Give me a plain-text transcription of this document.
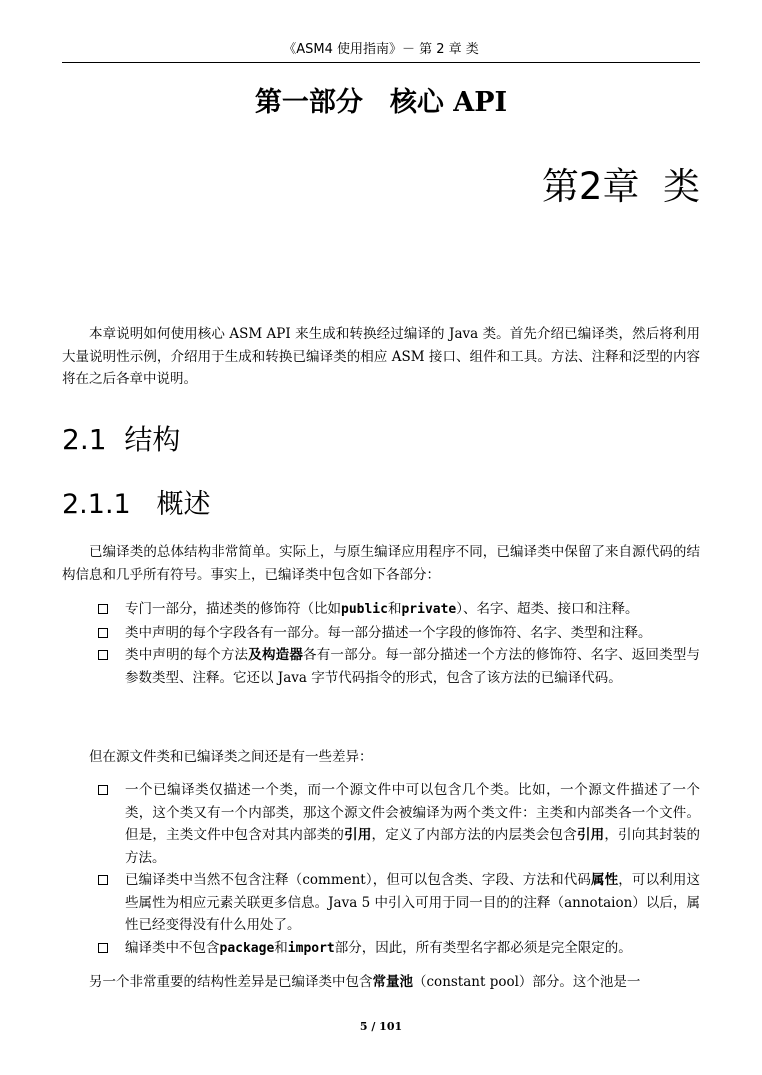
《ASM4 使用指南》－ 第 2 章 类
第一部分　核心 API
第2章  类

本章说明如何使用核心 ASM API 来生成和转换经过编译的 Java 类。首先介绍已编译类，然后将利用大量说明性示例，介绍用于生成和转换已编译类的相应 ASM 接口、组件和工具。方法、注释和泛型的内容将在之后各章中说明。

2.1  结构
2.1.1   概述

已编译类的总体结构非常简单。实际上，与原生编译应用程序不同，已编译类中保留了来自源代码的结构信息和几乎所有符号。事实上，已编译类中包含如下各部分：

专门一部分，描述类的修饰符（比如public和private）、名字、超类、接口和注释。
类中声明的每个字段各有一部分。每一部分描述一个字段的修饰符、名字、类型和注释。
类中声明的每个方法及构造器各有一部分。每一部分描述一个方法的修饰符、名字、返回类型与参数类型、注释。它还以 Java 字节代码指令的形式，包含了该方法的已编译代码。

但在源文件类和已编译类之间还是有一些差异：

一个已编译类仅描述一个类，而一个源文件中可以包含几个类。比如，一个源文件描述了一个类，这个类又有一个内部类，那这个源文件会被编译为两个类文件：主类和内部类各一个文件。但是，主类文件中包含对其内部类的引用，定义了内部方法的内层类会包含引用，引向其封装的方法。
已编译类中当然不包含注释（comment），但可以包含类、字段、方法和代码属性，可以利用这些属性为相应元素关联更多信息。Java 5 中引入可用于同一目的的注释（annotaion）以后，属性已经变得没有什么用处了。
编译类中不包含package和import部分，因此，所有类型名字都必须是完全限定的。

另一个非常重要的结构性差异是已编译类中包含常量池（constant pool）部分。这个池是一

5 / 101
